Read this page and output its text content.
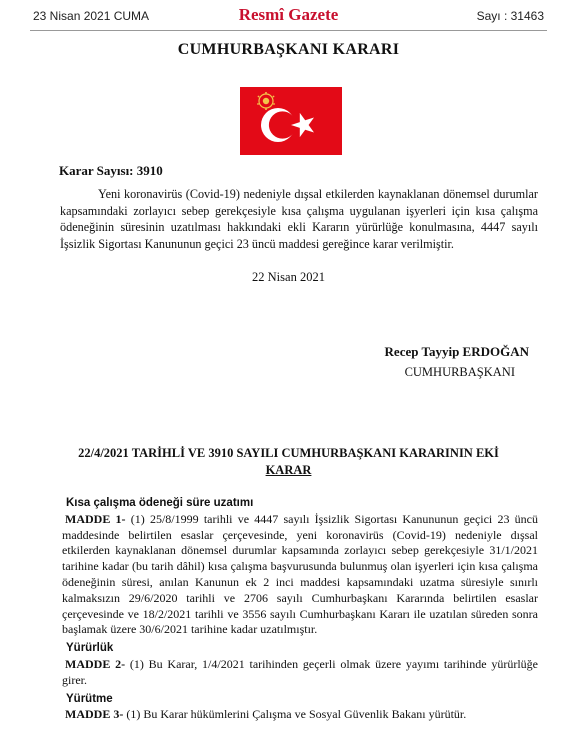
23 Nisan 2021 CUMA	Resmî Gazete	Sayı : 31463
CUMHURBAŞKANI KARARI
Karar Sayısı: 3910

Yeni koronavirüs (Covid-19) nedeniyle dışsal etkilerden kaynaklanan dönemsel durumlar kapsamındaki zorlayıcı sebep gerekçesiyle kısa çalışma uygulanan işyerleri için kısa çalışma ödeneğinin süresinin uzatılması hakkındaki ekli Kararın yürürlüğe konulmasına, 4447 sayılı İşsizlik Sigortası Kanununun geçici 23 üncü maddesi gereğince karar verilmiştir.

22 Nisan 2021
Recep Tayyip ERDOĞAN
CUMHURBAŞKANI
22/4/2021 TARİHLİ VE 3910 SAYILI CUMHURBAŞKANI KARARININ EKİ
KARAR
Kısa çalışma ödeneği süre uzatımı

MADDE 1- (1) 25/8/1999 tarihli ve 4447 sayılı İşsizlik Sigortası Kanununun geçici 23 üncü maddesinde belirtilen esaslar çerçevesinde, yeni koronavirüs (Covid-19) nedeniyle dışsal etkilerden kaynaklanan dönemsel durumlar kapsamında zorlayıcı sebep gerekçesiyle 31/1/2021 tarihine kadar (bu tarih dâhil) kısa çalışma başvurusunda bulunmuş olan işyerleri için kısa çalışma ödeneğinin süresi, anılan Kanunun ek 2 inci maddesi kapsamındaki uzatma süresiyle sınırlı kalmaksızın 29/6/2020 tarihli ve 2706 sayılı Cumhurbaşkanı Kararında belirtilen esaslar çerçevesinde ve 18/2/2021 tarihli ve 3556 sayılı Cumhurbaşkanı Kararı ile uzatılan süreden sonra başlamak üzere 30/6/2021 tarihine kadar uzatılmıştır.

Yürürlük

MADDE 2- (1) Bu Karar, 1/4/2021 tarihinden geçerli olmak üzere yayımı tarihinde yürürlüğe girer.

Yürütme

MADDE 3- (1) Bu Karar hükümlerini Çalışma ve Sosyal Güvenlik Bakanı yürütür.
